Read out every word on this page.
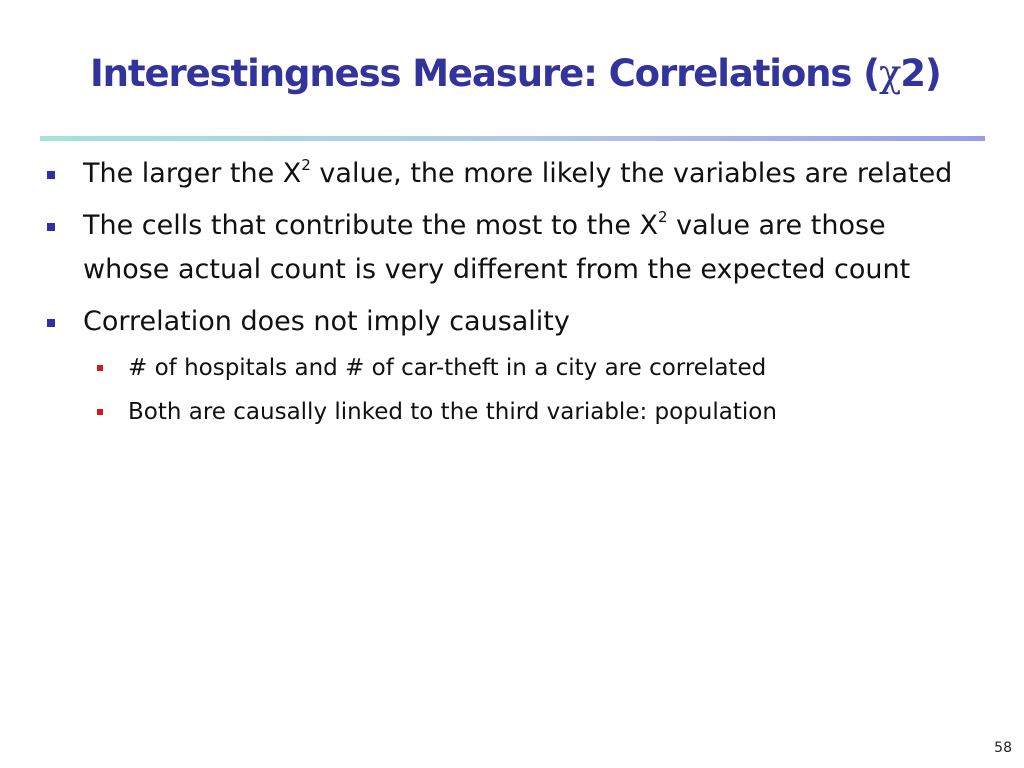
Interestingness Measure: Correlations (χ2)
The larger the $X^2$ value, the more likely the variables are related
The cells that contribute the most to the $X^2$ value are those whose actual count is very different from the expected count
Correlation does not imply causality
# of hospitals and # of car-theft in a city are correlated
Both are causally linked to the third variable: population
58
